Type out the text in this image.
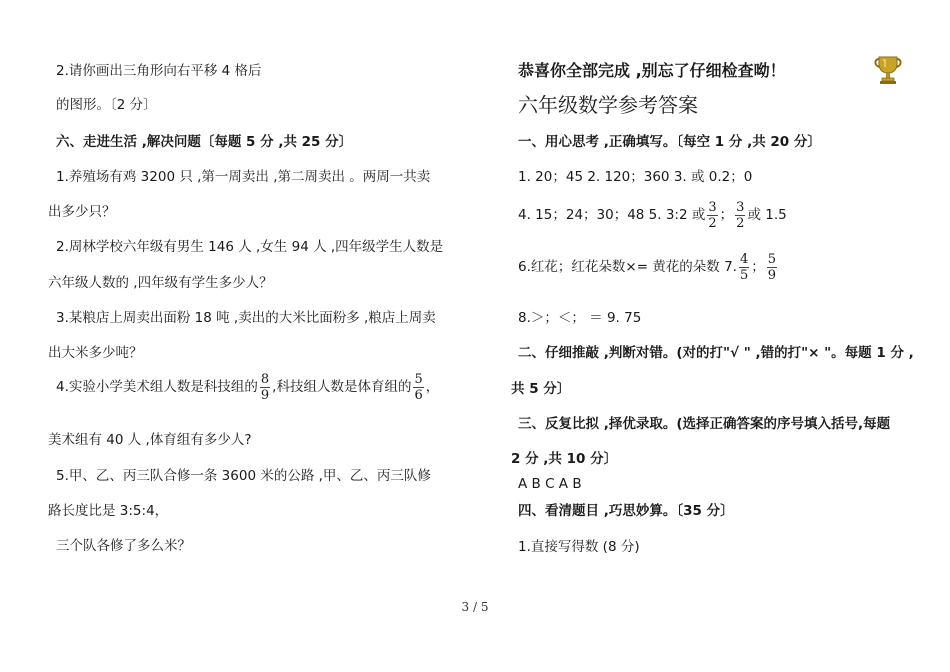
2.请你画出三角形向右平移 4 格后
的图形。〔2 分〕
六、走进生活 ,解决问题〔每题 5 分 ,共 25 分〕
1.养殖场有鸡 3200 只 ,第一周卖出 ,第二周卖出 。两周一共卖
出多少只？
2.周林学校六年级有男生 146 人 ,女生 94 人 ,四年级学生人数是
六年级人数的 ,四年级有学生多少人？
3.某粮店上周卖出面粉 18 吨 ,卖出的大米比面粉多 ,粮店上周卖
出大米多少吨？
4.实验小学美术组人数是科技组的 $\frac{8}{9}$ ,科技组人数是体育组的 $\frac{5}{6}$ ，
美术组有 40 人 ,体育组有多少人?
5.甲、乙、丙三队合修一条 3600 米的公路 ,甲、乙、丙三队修
路长度比是 3:5:4，
三个队各修了多么米？
恭喜你全部完成 ,别忘了仔细检查呦！
六年级数学参考答案
一、用心思考 ,正确填写。〔每空 1 分 ,共 20 分〕
1. 20；45 2. 120；360 3. 或 0.2；0
4. 15；24；30；48 5. 3:2 或 $\frac{3}{2}$ ； $\frac{3}{2}$ 或 1.5
6.红花；红花朵数×= 黄花的朵数 7. $\frac{4}{5}$ ； $\frac{5}{9}$
8.＞；＜； ＝ 9. 75
二、仔细推敲 ,判断对错。(对的打"√ " ,错的打"× "。每题 1 分 ,
共 5 分〕
三、反复比拟 ,择优录取。(选择正确答案的序号填入括号,每题
2 分 ,共 10 分〕
A B C A B
四、看清题目 ,巧思妙算。〔35 分〕
1.直接写得数 (8 分)
3 / 5
